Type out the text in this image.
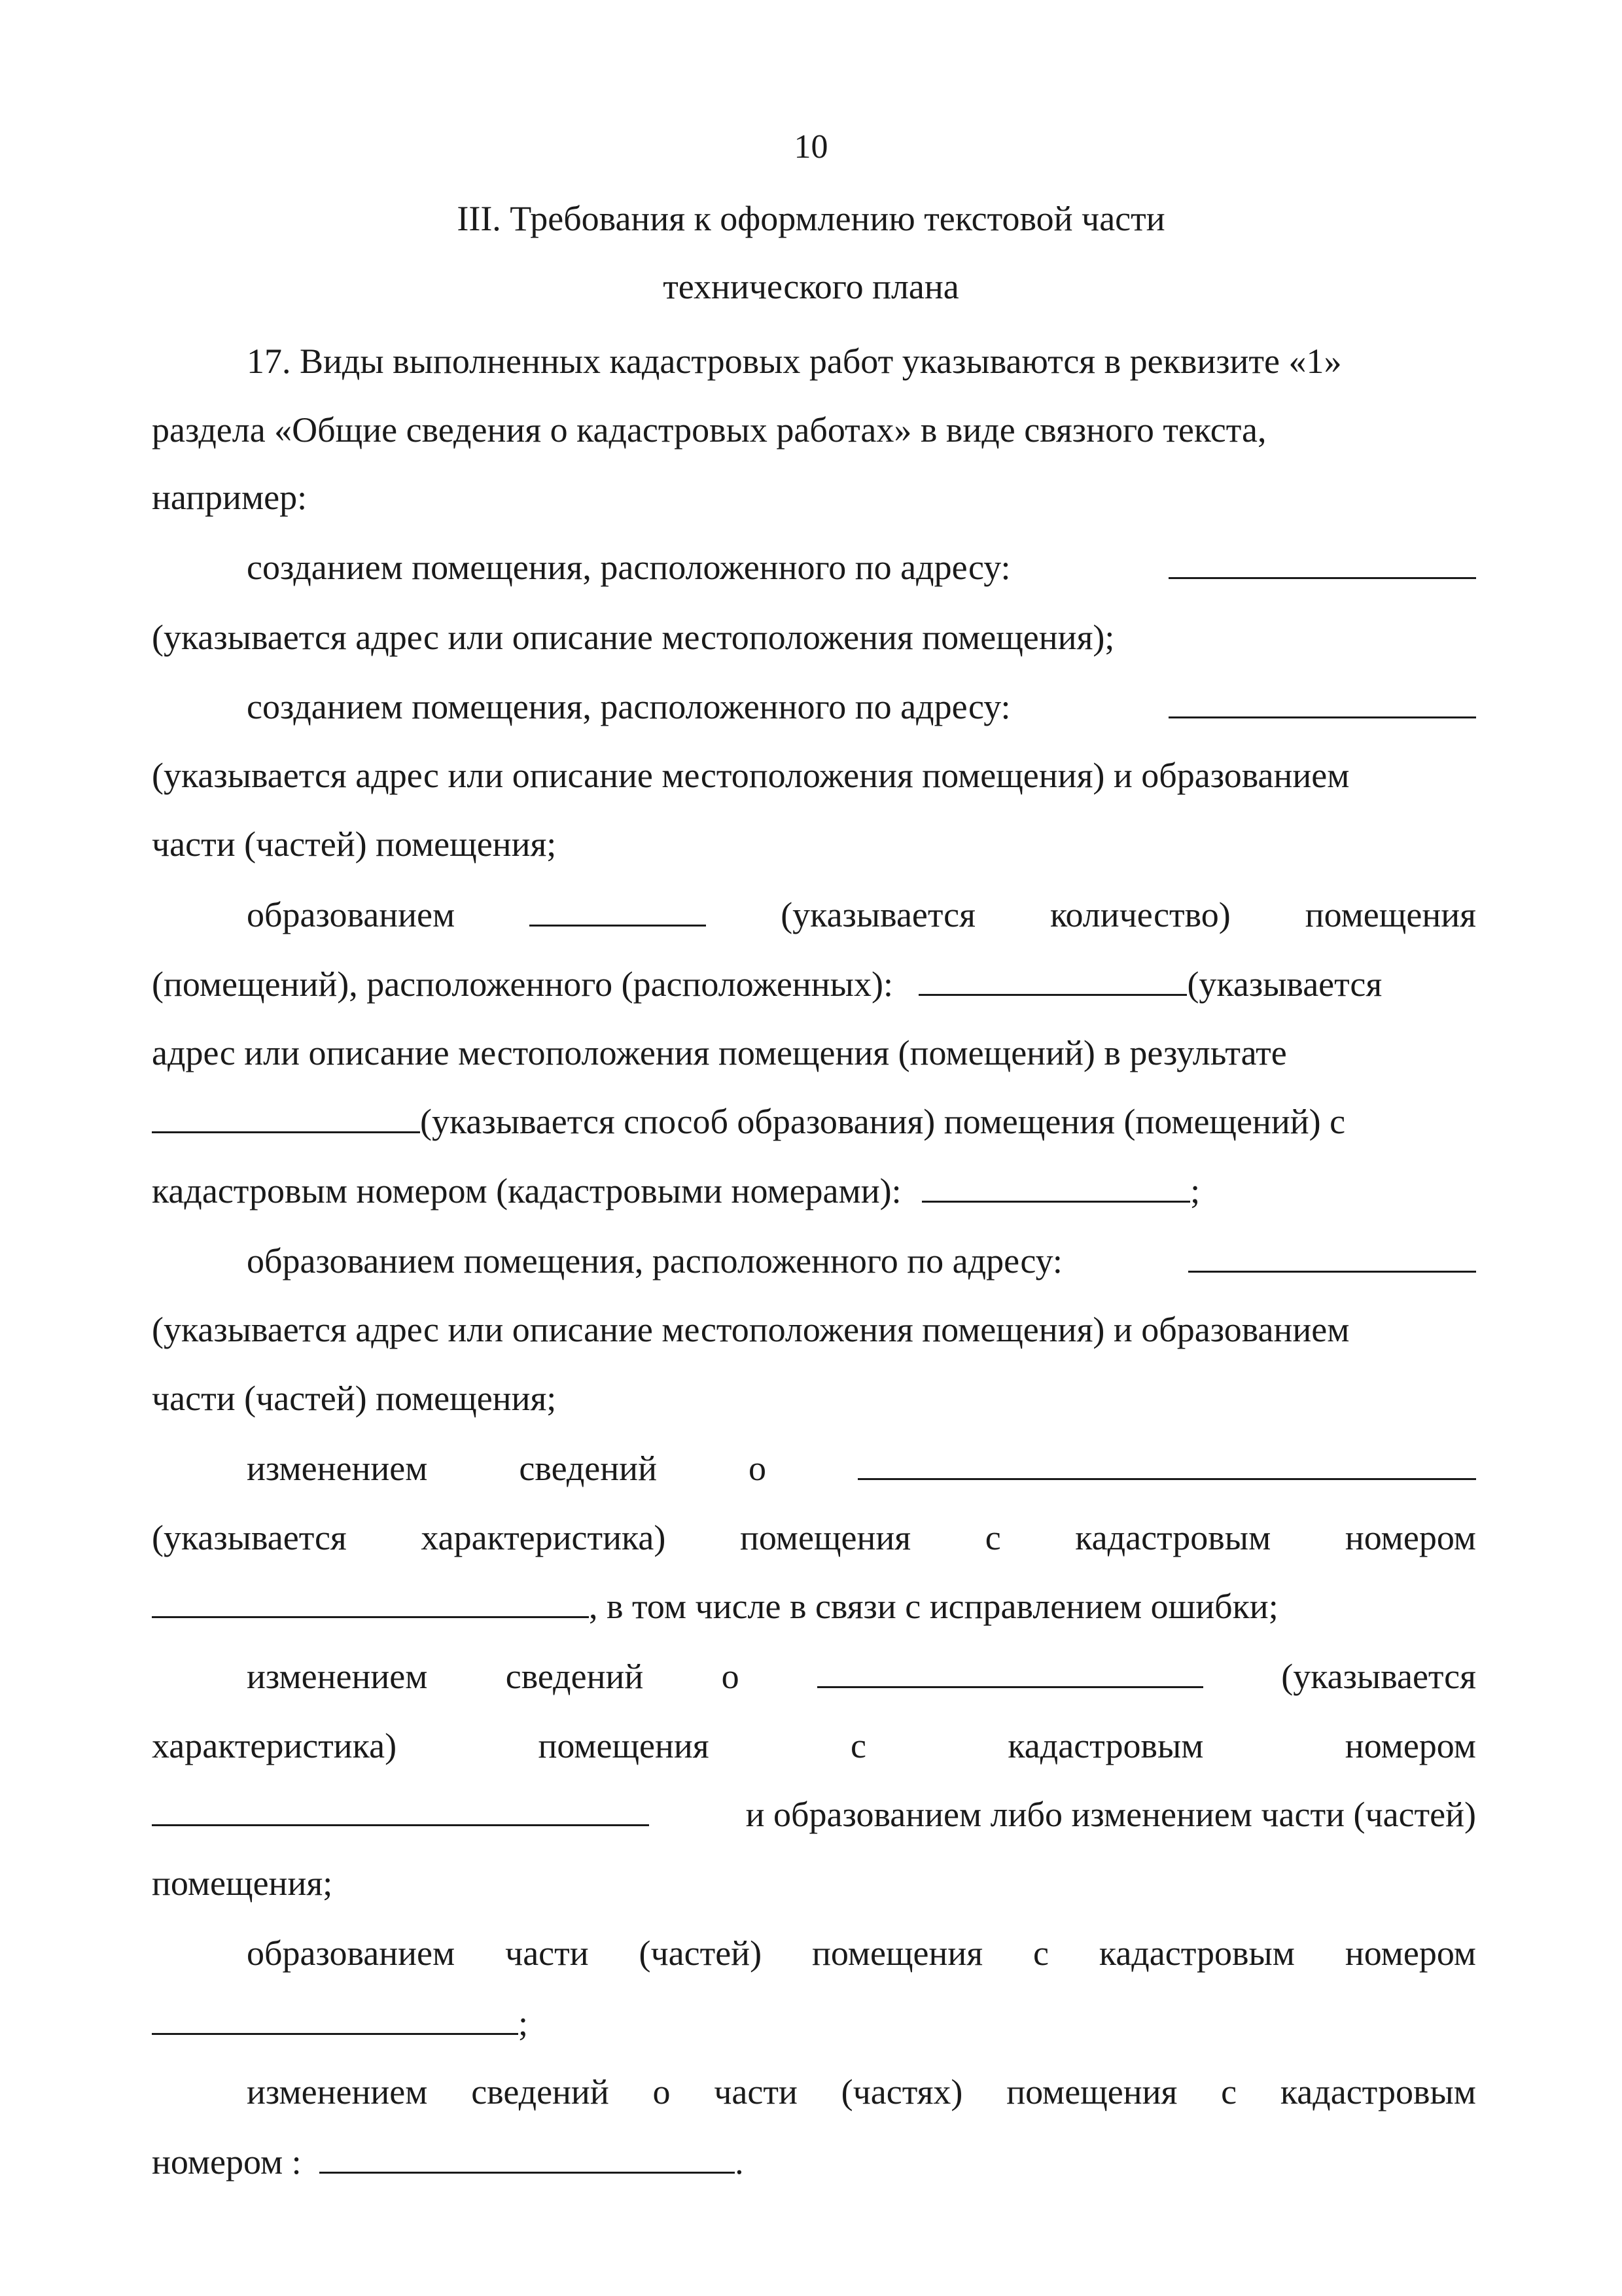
10
III. Требования к оформлению текстовой части
технического плана
17. Виды выполненных кадастровых работ указываются в реквизите «1»
раздела «Общие сведения о кадастровых работах» в виде связного текста,
например:
созданием помещения, расположенного по адресу:
(указывается адрес или описание местоположения помещения);
созданием помещения, расположенного по адресу:
(указывается адрес или описание местоположения помещения) и образованием
части (частей) помещения;
образованием	(указывается количество) помещения
(помещений), расположенного (расположенных):	(указывается
адрес или описание местоположения помещения (помещений) в результате
(указывается способ образования) помещения (помещений) с
кадастровым номером (кадастровыми номерами):	;
образованием помещения, расположенного по адресу:
(указывается адрес или описание местоположения помещения) и образованием
части (частей) помещения;
изменением	сведений	о
(указывается характеристика) помещения с кадастровым номером
, в том числе в связи с исправлением ошибки;
изменением сведений о	(указывается
характеристика)	помещения	с	кадастровым	номером
и образованием либо изменением части (частей)
помещения;
образованием части (частей) помещения с кадастровым номером
;
изменением сведений о части (частях) помещения с кадастровым
номером :	.
